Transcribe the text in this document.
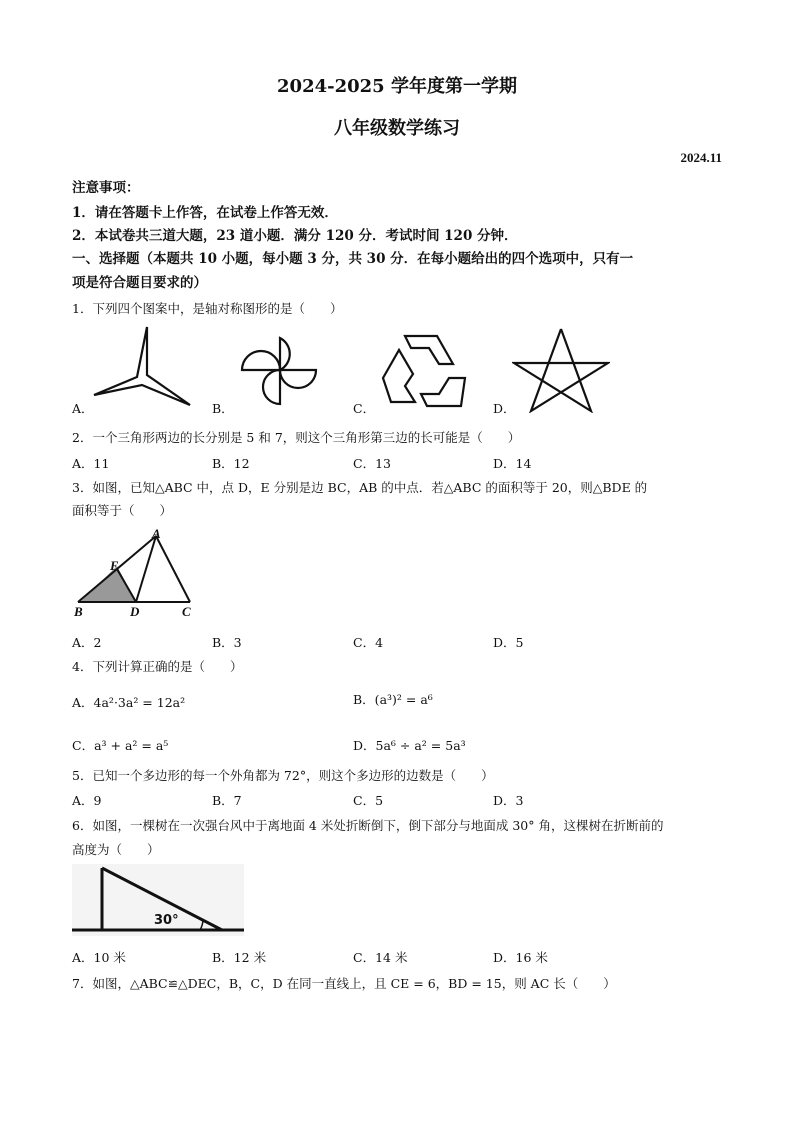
2024-2025 学年度第一学期
八年级数学练习
2024.11
注意事项：
1．请在答题卡上作答，在试卷上作答无效．
2．本试卷共三道大题，23 道小题．满分 120 分．考试时间 120 分钟．
一、选择题（本题共 10 小题，每小题 3 分，共 30 分．在每小题给出的四个选项中，只有一
项是符合题目要求的）
1．下列四个图案中，是轴对称图形的是（　　）
A．	B．	C．	D．
2．一个三角形两边的长分别是 5 和 7，则这个三角形第三边的长可能是（　　）
A．11	B．12	C．13	D．14
3．如图，已知△ABC 中，点 D，E 分别是边 BC，AB 的中点．若△ABC 的面积等于 20，则△BDE 的
面积等于（　　）
A
E
B	D	C
A．2	B．3	C．4	D．5
4．下列计算正确的是（　　）
A．4a²·3a² = 12a²	B．(a³)² = a⁶
C．a³ + a² = a⁵	D．5a⁶ ÷ a² = 5a³
5．已知一个多边形的每一个外角都为 72°，则这个多边形的边数是（　　）
A．9	B．7	C．5	D．3
6．如图，一棵树在一次强台风中于离地面 4 米处折断倒下，倒下部分与地面成 30° 角，这棵树在折断前的
高度为（　　）
30°
A．10 米	B．12 米	C．14 米	D．16 米
7．如图，△ABC≌△DEC，B，C，D 在同一直线上，且 CE = 6，BD = 15，则 AC 长（　　）
